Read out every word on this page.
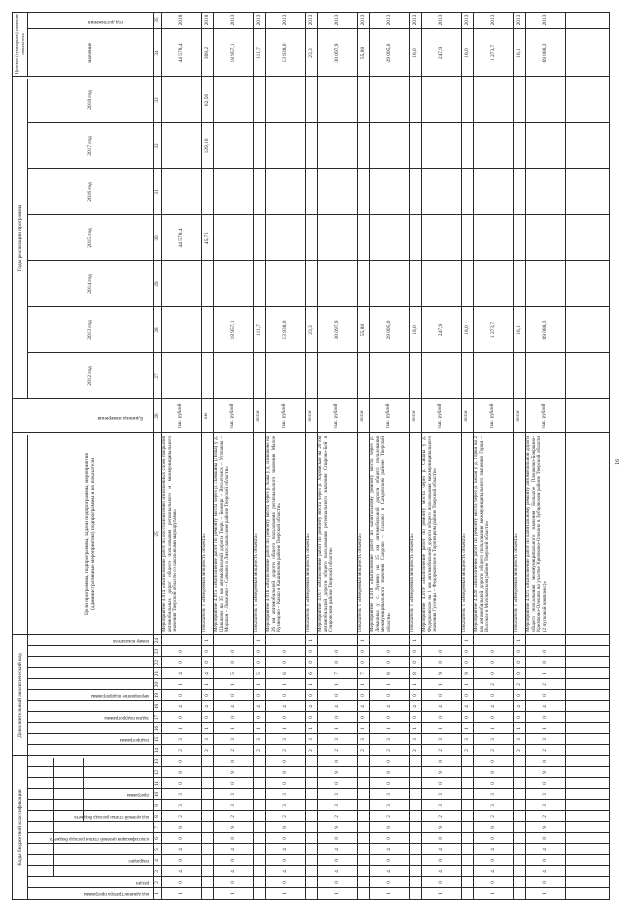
16
Коды бюджетной классификации
Дополнительный аналитический код
Цели программы, подпрограммы, задачи подпрограммы, мероприятия (административные мероприятия) подпрограммы и их показатели
Годы реализации программы
Целевое (суммарное) значение показателя	значение
2012 год
2013 год
2014 год
2015 год
2016 год
2017 год
2018 год
код администратора программы
раздел
подраздел
классификация целевой статьи расхода бюджета
код целевой статьи расхода бюджета
программа
подпрограмма
задача подпрограммы
мероприятие подпрограммы
номер показателя
Единица измерения
год достижения
1
2
3
4
5
6
7
8
9
10
11
12
13
14
15
16
17
18
19
20
21
22
23
24
25
26
27
28
29
30
31
32
33
34
35
1
0
4
0
4
0
9
2
3
3
0
9
0
2
3
1
0
4
0
1
4
0
0
Мероприятие 4.014 «Выполнение работ по восстановлению изношенных слоев покрытия автомобильных дорог общего пользования регионального и межмуниципального значения Тверской области со школьными маршрутами»
тыс. рублей
44 578,4
44 578,4
2018
2
3
1
0
4
0
1
4
0
0
1
Показатель 1 «Введенная мощность объекта»
км
45,71
129,10
62,56
309,2
2018
1
0
4
0
4
0
9
2
3
3
0
9
0
2
3
1
0
4
0
1
5
0
0
Мероприятие 4.015 «Выполнение работ по ремонту моста через р. Ламшина (Лоша) у д. Шишково на 35 км автомобильной дороги Тверь – Бежецк – Весьегонск – Устюжна – Моршан – Лихачево – Сапково в Лихославльском районе Тверской области»
тыс. рублей
18 957,1
18 957,1
2013
2
3
1
0
4
0
1
5
0
0
1
Показатель 1 «Введенная мощность объекта»
пог.м
111,7
111,7
2013
1
0
4
0
4
0
9
2
3
3
0
9
0
2
3
1
0
4
0
1
6
0
0
Мероприятие 4.016 «Выполнение работ по ремонту моста через р. Кава у д. Шишково на 26 км автомобильной дороги общего пользования регионального значения Малое Кузнецово – Какко в Кашинском районе Тверской области»
тыс. рублей
13 938,0
13 938,0
2013
2
3
1
0
4
0
1
6
0
0
1
Показатель 1 «Введенная мощность объекта»
пог.м
23,3
23,3
2013
1
0
4
0
4
0
9
2
3
3
0
9
0
2
3
1
0
4
0
1
7
0
0
Мероприятие 4.017 «Выполнение работ по ремонту моста через р. Хоромская на 20 км автомобильной дороги общего пользования регионального значения Спирово-Бей в Спировском районе Тверской области»
тыс. рублей
30 097,9
30 097,9
2013
2
3
1
0
4
0
1
7
0
0
1
Показатель 1 «Введенная мощность объекта»
пог.м
55,88
55,88
2013
1
0
4
0
4
0
9
2
3
3
0
9
0
2
3
1
0
4
0
1
8
0
0
Мероприятие 4.018 «Выполнение работ по капитальному ремонту моста через р. Левашиха у с. Лунино на 15 км автомобильной дороги общего пользования межмуниципального значения Сандово – Еськово в Сандовском районе Тверской области»
тыс. рублей
29 095,0
29 095,0
2013
2
3
1
0
4
0
1
8
0
0
1
Показатель 1 «Введенная мощность объекта»
пог.м
18,0
18,0
2013
1
0
4
0
4
0
9
2
3
3
0
9
0
2
3
1
0
4
0
1
9
0
0
Мероприятие 4.019 «Выполнение работ по ремонту моста через р. Сишна у д. Федорковское на 1 км автомобильной дороги общего пользования межмуниципального значения Гусенцы – Федорковское в Торопецком районе Тверской области»
тыс. рублей
247,9
247,9
2013
2
3
1
0
4
0
1
9
0
0
1
Показатель 1 «Введенная мощность объекта»
пог.м
18,0
18,0
2013
1
0
4
0
4
0
9
2
3
3
0
9
0
2
3
1
0
4
0
2
0
0
0
Мероприятие 4.020 «Выполнение работ по ремонту моста через р. Белая у д. Горки на 2 км автомобильной дороги общего пользования межмуниципального значения Горки – Высокое в Молоковском районе Тверской области»
тыс. рублей
1 273,7
1 273,7
2013
2
3
1
0
4
0
2
0
0
0
1
Показатель 1 «Введенная мощность объекта»
пог.м
16,1
16,1
2013
1
0
4
0
4
0
9
2
3
3
0
9
0
2
3
1
0
4
0
2
1
0
0
Мероприятие 4.021 «Выполнение работ по капитальному ремонту автомобильной дороги общего пользования межмуниципального значения Большое Плешково-Бояркино-Крючково-Олешно на участке Крючково-Олешно в Зубцовском районе Тверской области (2 пусковой комплекс)»
тыс. рублей
69 088,3
69 088,3
2013
